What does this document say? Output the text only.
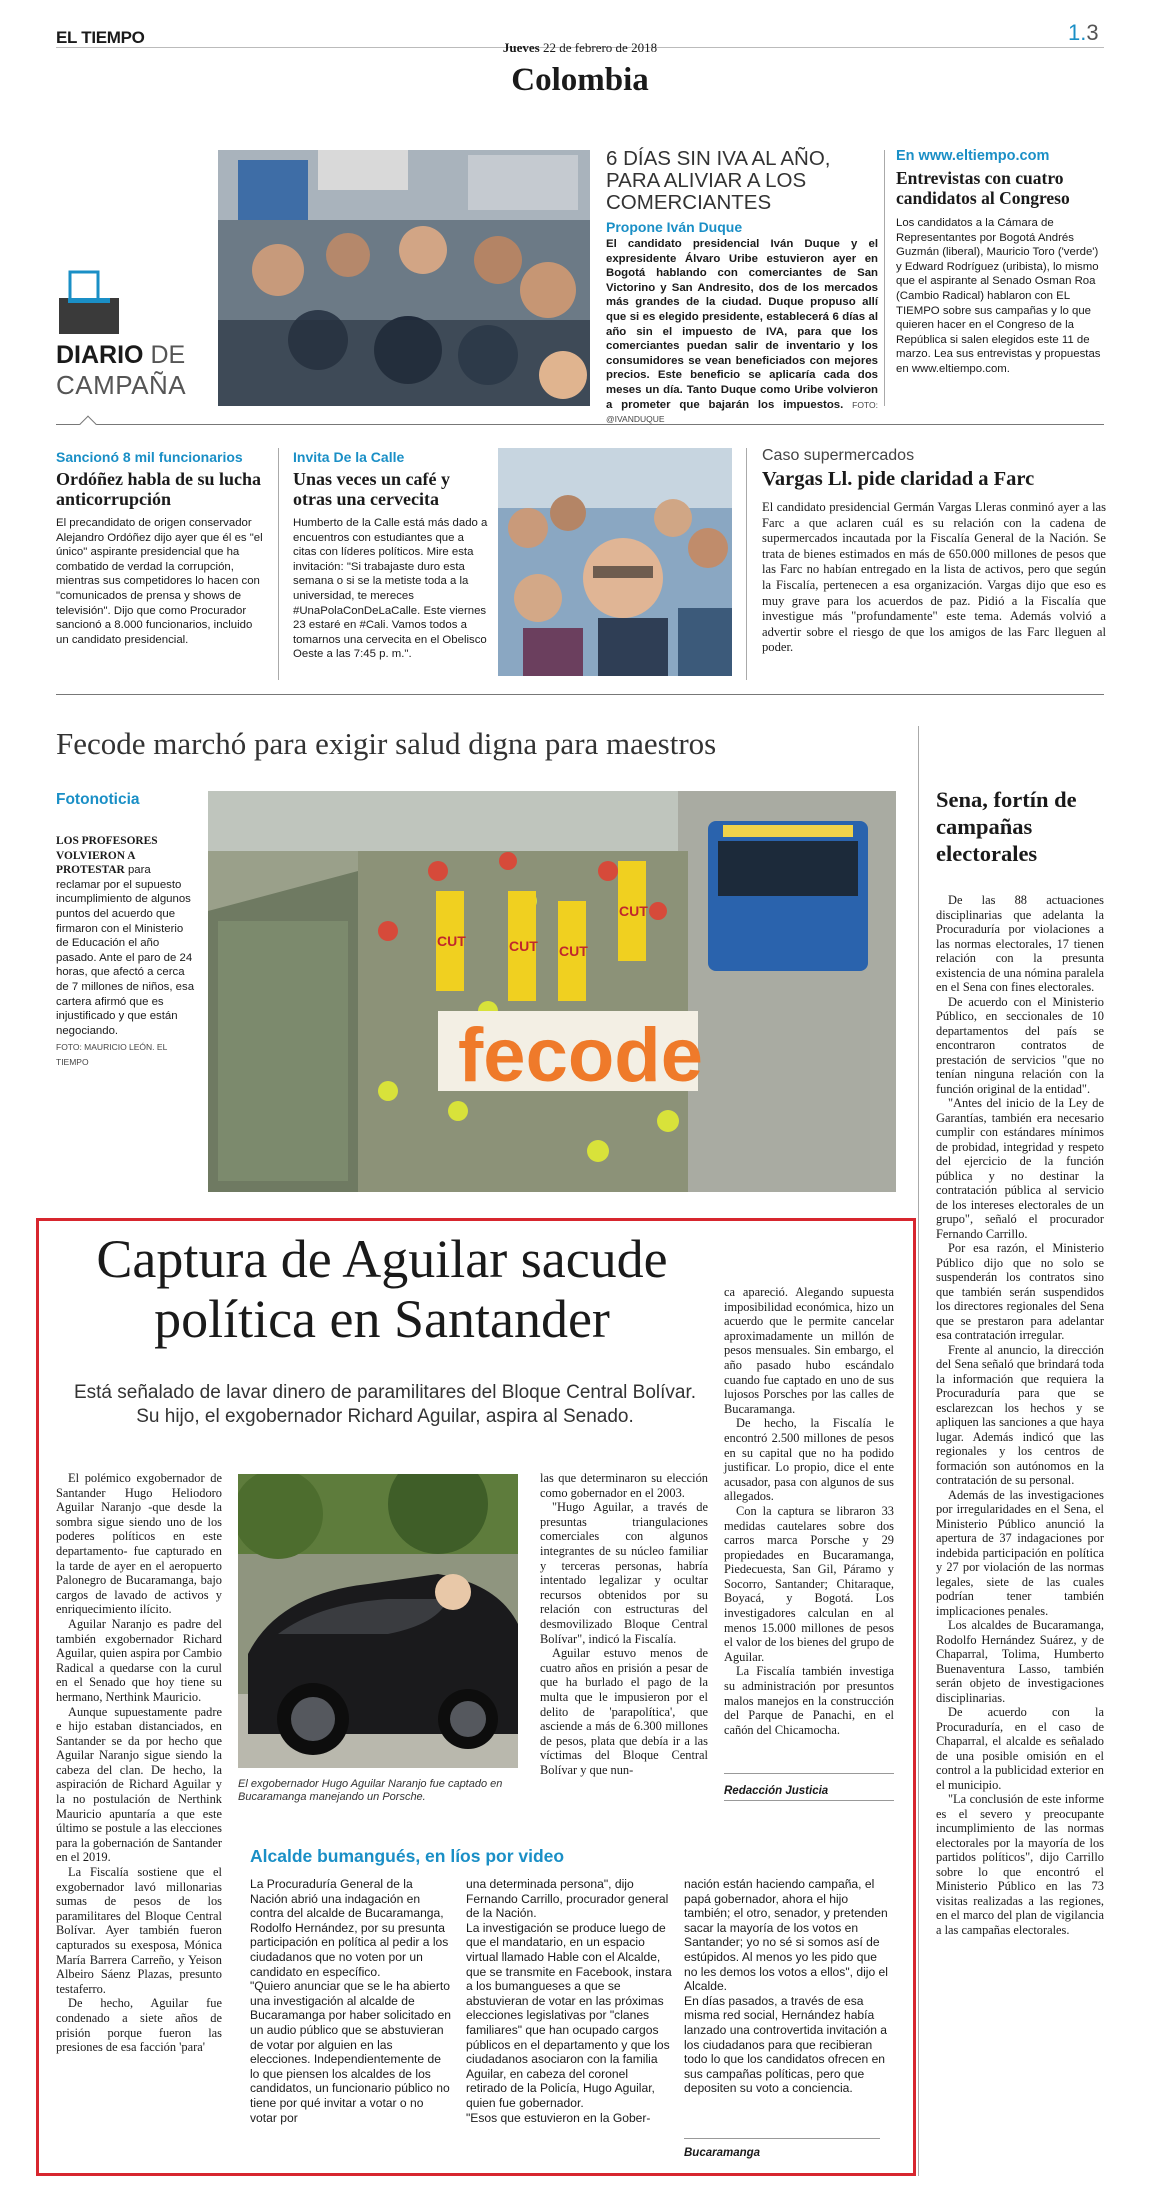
EL TIEMPO
Jueves 22 de febrero de 2018
1.3
Colombia
DIARIO DE
CAMPAÑA
6 DÍAS SIN IVA AL AÑO, PARA ALIVIAR A LOS COMERCIANTES
Propone Iván Duque
El candidato presidencial Iván Duque y el expresidente Álvaro Uribe estuvieron ayer en Bogotá hablando con comerciantes de San Victorino y San Andresito, dos de los mercados más grandes de la ciudad. Duque propuso allí que si es elegido presidente, establecerá 6 días al año sin el impuesto de IVA, para que los comerciantes puedan salir de inventario y los consumidores se vean beneficiados con mejores precios. Este beneficio se aplicaría cada dos meses un día. Tanto Duque como Uribe volvieron a prometer que bajarán los impuestos. FOTO: @IVANDUQUE
En www.eltiempo.com
Entrevistas con cuatro candidatos al Congreso
Los candidatos a la Cámara de Representantes por Bogotá Andrés Guzmán (liberal), Mauricio Toro ('verde') y Edward Rodríguez (uribista), lo mismo que el aspirante al Senado Osman Roa (Cambio Radical) hablaron con EL TIEMPO sobre sus campañas y lo que quieren hacer en el Congreso de la República si salen elegidos este 11 de marzo. Lea sus entrevistas y propuestas en www.eltiempo.com.
Sancionó 8 mil funcionarios
Ordóñez habla de su lucha anticorrupción
El precandidato de origen conservador Alejandro Ordóñez dijo ayer que él es "el único" aspirante presidencial que ha combatido de verdad la corrupción, mientras sus competidores lo hacen con "comunicados de prensa y shows de televisión". Dijo que como Procurador sancionó a 8.000 funcionarios, incluido un candidato presidencial.
Invita De la Calle
Unas veces un café y otras una cervecita
Humberto de la Calle está más dado a encuentros con estudiantes que a citas con líderes políticos. Mire esta invitación: "Si trabajaste duro esta semana o si se la metiste toda a la universidad, te mereces #UnaPolaConDeLaCalle. Este viernes 23 estaré en #Cali. Vamos todos a tomarnos una cervecita en el Obelisco Oeste a las 7:45 p. m.".
Caso supermercados
Vargas Ll. pide claridad a Farc
El candidato presidencial Germán Vargas Lleras conminó ayer a las Farc a que aclaren cuál es su relación con la cadena de supermercados incautada por la Fiscalía General de la Nación. Se trata de bienes estimados en más de 650.000 millones de pesos que las Farc no habían entregado en la lista de activos, pero que según la Fiscalía, pertenecen a esa organización. Vargas dijo que eso es muy grave para los acuerdos de paz. Pidió a la Fiscalía que investigue más "profundamente" este tema. Además volvió a advertir sobre el riesgo de que los amigos de las Farc lleguen al poder.
Fecode marchó para exigir salud digna para maestros
Fotonoticia
LOS PROFESORES VOLVIERON A PROTESTAR para reclamar por el supuesto incumplimiento de algunos puntos del acuerdo que firmaron con el Ministerio de Educación el año pasado. Ante el paro de 24 horas, que afectó a cerca de 7 millones de niños, esa cartera afirmó que es injustificado y que están negociando.
FOTO: MAURICIO LEÓN. EL TIEMPO	fecode
CUT	CUT CUT
CUT
Sena, fortín de campañas electorales

De las 88 actuaciones disciplinarias que adelanta la Procuraduría por violaciones a las normas electorales, 17 tienen relación con la presunta existencia de una nómina paralela en el Sena con fines electorales.

De acuerdo con el Ministerio Público, en seccionales de 10 departamentos del país se encontraron contratos de prestación de servicios "que no tenían ninguna relación con la función original de la entidad".

"Antes del inicio de la Ley de Garantías, también era necesario cumplir con estándares mínimos de probidad, integridad y respeto del ejercicio de la función pública y no destinar la contratación pública al servicio de los intereses electorales de un grupo", señaló el procurador Fernando Carrillo.

Por esa razón, el Ministerio Público dijo que no solo se suspenderán los contratos sino que también serán suspendidos los directores regionales del Sena que se prestaron para adelantar esa contratación irregular.

Frente al anuncio, la dirección del Sena señaló que brindará toda la información que requiera la Procuraduría para que se esclarezcan los hechos y se apliquen las sanciones a que haya lugar. Además indicó que las regionales y los centros de formación son autónomos en la contratación de su personal.

Además de las investigaciones por irregularidades en el Sena, el Ministerio Público anunció la apertura de 37 indagaciones por indebida participación en política y 27 por violación de las normas legales, siete de las cuales podrían tener también implicaciones penales.

Los alcaldes de Bucaramanga, Rodolfo Hernández Suárez, y de Chaparral, Tolima, Humberto Buenaventura Lasso, también serán objeto de investigaciones disciplinarias.

De acuerdo con la Procuraduría, en el caso de Chaparral, el alcalde es señalado de una posible omisión en el control a la publicidad exterior en el municipio.

"La conclusión de este informe es el severo y preocupante incumplimiento de las normas electorales por la mayoría de los partidos políticos", dijo Carrillo sobre lo que encontró el Ministerio Público en las 73 visitas realizadas a las regiones, en el marco del plan de vigilancia a las campañas electorales.

Captura de Aguilar sacude política en Santander
Está señalado de lavar dinero de paramilitares del Bloque Central Bolívar. Su hijo, el exgobernador Richard Aguilar, aspira al Senado.

El polémico exgobernador de Santander Hugo Heliodoro Aguilar Naranjo -que desde la sombra sigue siendo uno de los poderes políticos en este departamento- fue capturado en la tarde de ayer en el aeropuerto Palonegro de Bucaramanga, bajo cargos de lavado de activos y enriquecimiento ilícito.

Aguilar Naranjo es padre del también exgobernador Richard Aguilar, quien aspira por Cambio Radical a quedarse con la curul en el Senado que hoy tiene su hermano, Nerthink Mauricio.

Aunque supuestamente padre e hijo estaban distanciados, en Santander se da por hecho que Aguilar Naranjo sigue siendo la cabeza del clan. De hecho, la aspiración de Richard Aguilar y la no postulación de Nerthink Mauricio apuntaría a que este último se postule a las elecciones para la gobernación de Santander en el 2019.

La Fiscalía sostiene que el exgobernador lavó millonarias sumas de pesos de los paramilitares del Bloque Central Bolívar. Ayer también fueron capturados su exesposa, Mónica María Barrera Carreño, y Yeison Albeiro Sáenz Plazas, presunto testaferro.

De hecho, Aguilar fue condenado a siete años de prisión porque fueron las presiones de esa facción 'para'

El exgobernador Hugo Aguilar Naranjo fue captado en Bucaramanga manejando un Porsche.

las que determinaron su elección como gobernador en el 2003.

"Hugo Aguilar, a través de presuntas triangulaciones comerciales con algunos integrantes de su núcleo familiar y terceras personas, habría intentado legalizar y ocultar recursos obtenidos por su relación con estructuras del desmovilizado Bloque Central Bolívar", indicó la Fiscalía.

Aguilar estuvo menos de cuatro años en prisión a pesar de que ha burlado el pago de la multa que le impusieron por el delito de 'parapolítica', que asciende a más de 6.300 millones de pesos, plata que debía ir a las víctimas del Bloque Central Bolívar y que nun-

ca apareció. Alegando supuesta imposibilidad económica, hizo un acuerdo que le permite cancelar aproximadamente un millón de pesos mensuales. Sin embargo, el año pasado hubo escándalo cuando fue captado en uno de sus lujosos Porsches por las calles de Bucaramanga.

De hecho, la Fiscalía le encontró 2.500 millones de pesos en su capital que no ha podido justificar. Lo propio, dice el ente acusador, pasa con algunos de sus allegados.

Con la captura se libraron 33 medidas cautelares sobre dos carros marca Porsche y 29 propiedades en Bucaramanga, Piedecuesta, San Gil, Páramo y Socorro, Santander; Chitaraque, Boyacá, y Bogotá. Los investigadores calculan en al menos 15.000 millones de pesos el valor de los bienes del grupo de Aguilar.

La Fiscalía también investiga su administración por presuntos malos manejos en la construcción del Parque de Panachi, en el cañón del Chicamocha.

Redacción Justicia
Alcalde bumangués, en líos por video
La Procuraduría General de la Nación abrió una indagación en contra del alcalde de Bucaramanga, Rodolfo Hernández, por su presunta participación en política al pedir a los ciudadanos que no voten por un candidato en específico.
"Quiero anunciar que se le ha abierto una investigación al alcalde de Bucaramanga por haber solicitado en un audio público que se abstuvieran de votar por alguien en las elecciones. Independientemente de lo que piensen los alcaldes de los candidatos, un funcionario público no tiene por qué invitar a votar o no votar por
una determinada persona", dijo Fernando Carrillo, procurador general de la Nación.
La investigación se produce luego de que el mandatario, en un espacio virtual llamado Hable con el Alcalde, que se transmite en Facebook, instara a los bumangueses a que se abstuvieran de votar en las próximas elecciones legislativas por "clanes familiares" que han ocupado cargos públicos en el departamento y que los ciudadanos asociaron con la familia Aguilar, en cabeza del coronel retirado de la Policía, Hugo Aguilar, quien fue gobernador.
"Esos que estuvieron en la Gober-
nación están haciendo campaña, el papá gobernador, ahora el hijo también; el otro, senador, y pretenden sacar la mayoría de los votos en Santander; yo no sé si somos así de estúpidos. Al menos yo les pido que no les demos los votos a ellos", dijo el Alcalde.
En días pasados, a través de esa misma red social, Hernández había lanzado una controvertida invitación a los ciudadanos para que recibieran todo lo que los candidatos ofrecen en sus campañas políticas, pero que depositen su voto a conciencia.
Bucaramanga
